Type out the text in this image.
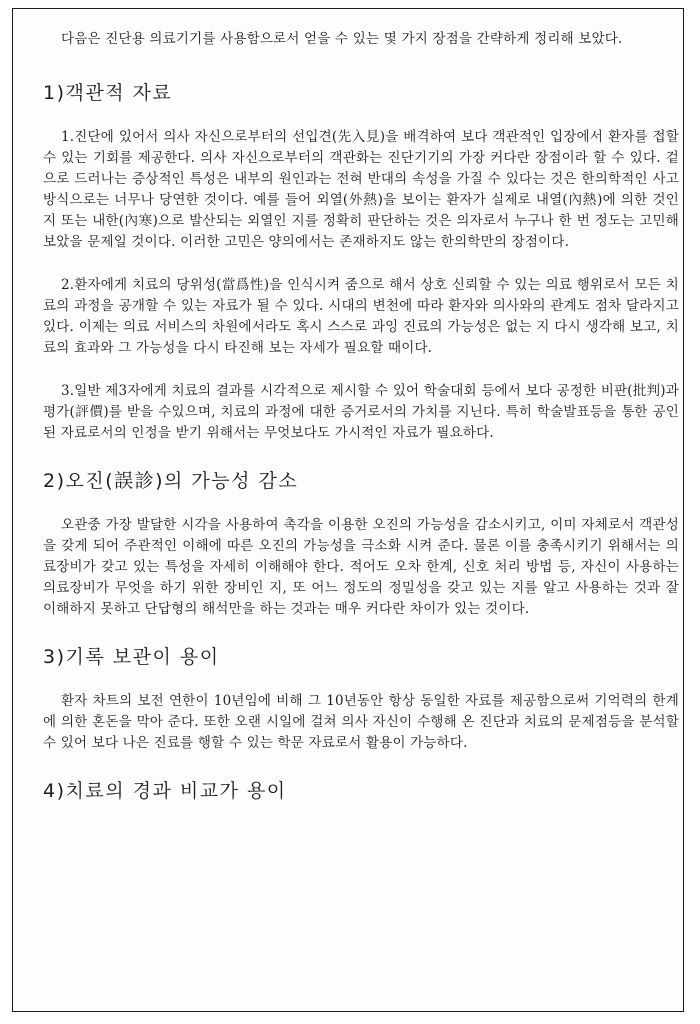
다음은 진단용 의료기기를 사용함으로서 얻을 수 있는 몇 가지 장점을 간략하게 정리해 보았다.

1)객관적 자료

1.진단에 있어서 의사 자신으로부터의 선입견(先入見)을 배격하여 보다 객관적인 입장에서 환자를 접할 수 있는 기회를 제공한다. 의사 자신으로부터의 객관화는 진단기기의 가장 커다란 장점이라 할 수 있다. 겉으로 드러나는 증상적인 특성은 내부의 원인과는 전혀 반대의 속성을 가질 수 있다는 것은 한의학적인 사고 방식으로는 너무나 당연한 것이다. 예를 들어 외열(外熱)을 보이는 환자가 실제로 내열(內熱)에 의한 것인 지 또는 내한(內寒)으로 발산되는 외열인 지를 정확히 판단하는 것은 의자로서 누구나 한 번 정도는 고민해 보았을 문제일 것이다. 이러한 고민은 양의에서는 존재하지도 않는 한의학만의 장점이다.

2.환자에게 치료의 당위성(當爲性)을 인식시켜 줌으로 해서 상호 신뢰할 수 있는 의료 행위로서 모든 치료의 과정을 공개할 수 있는 자료가 될 수 있다. 시대의 변천에 따라 환자와 의사와의 관계도 점차 달라지고 있다. 이제는 의료 서비스의 차원에서라도 혹시 스스로 과잉 진료의 가능성은 없는 지 다시 생각해 보고, 치료의 효과와 그 가능성을 다시 타진해 보는 자세가 필요할 때이다.

3.일반 제3자에게 치료의 결과를 시각적으로 제시할 수 있어 학술대회 등에서 보다 공정한 비판(批判)과 평가(評價)를 받을 수있으며, 치료의 과정에 대한 증거로서의 가치를 지닌다. 특히 학술발표등을 통한 공인된 자료로서의 인정을 받기 위해서는 무엇보다도 가시적인 자료가 필요하다.

2)오진(誤診)의 가능성 감소

오관중 가장 발달한 시각을 사용하여 촉각을 이용한 오진의 가능성을 감소시키고, 이미 자체로서 객관성을 갖게 되어 주관적인 이해에 따른 오진의 가능성을 극소화 시켜 준다. 물론 이를 충족시키기 위해서는 의료장비가 갖고 있는 특성을 자세히 이해해야 한다. 적어도 오차 한계, 신호 처리 방법 등, 자신이 사용하는 의료장비가 무엇을 하기 위한 장비인 지, 또 어느 정도의 정밀성을 갖고 있는 지를 알고 사용하는 것과 잘 이해하지 못하고 단답형의 해석만을 하는 것과는 매우 커다란 차이가 있는 것이다.

3)기록 보관이 용이

환자 차트의 보전 연한이 10년임에 비해 그 10년동안 항상 동일한 자료를 제공함으로써 기억력의 한계에 의한 혼돈을 막아 준다. 또한 오랜 시일에 걸쳐 의사 자신이 수행해 온 진단과 치료의 문제점등을 분석할 수 있어 보다 나은 진료를 행할 수 있는 학문 자료로서 활용이 가능하다.

4)치료의 경과 비교가 용이
